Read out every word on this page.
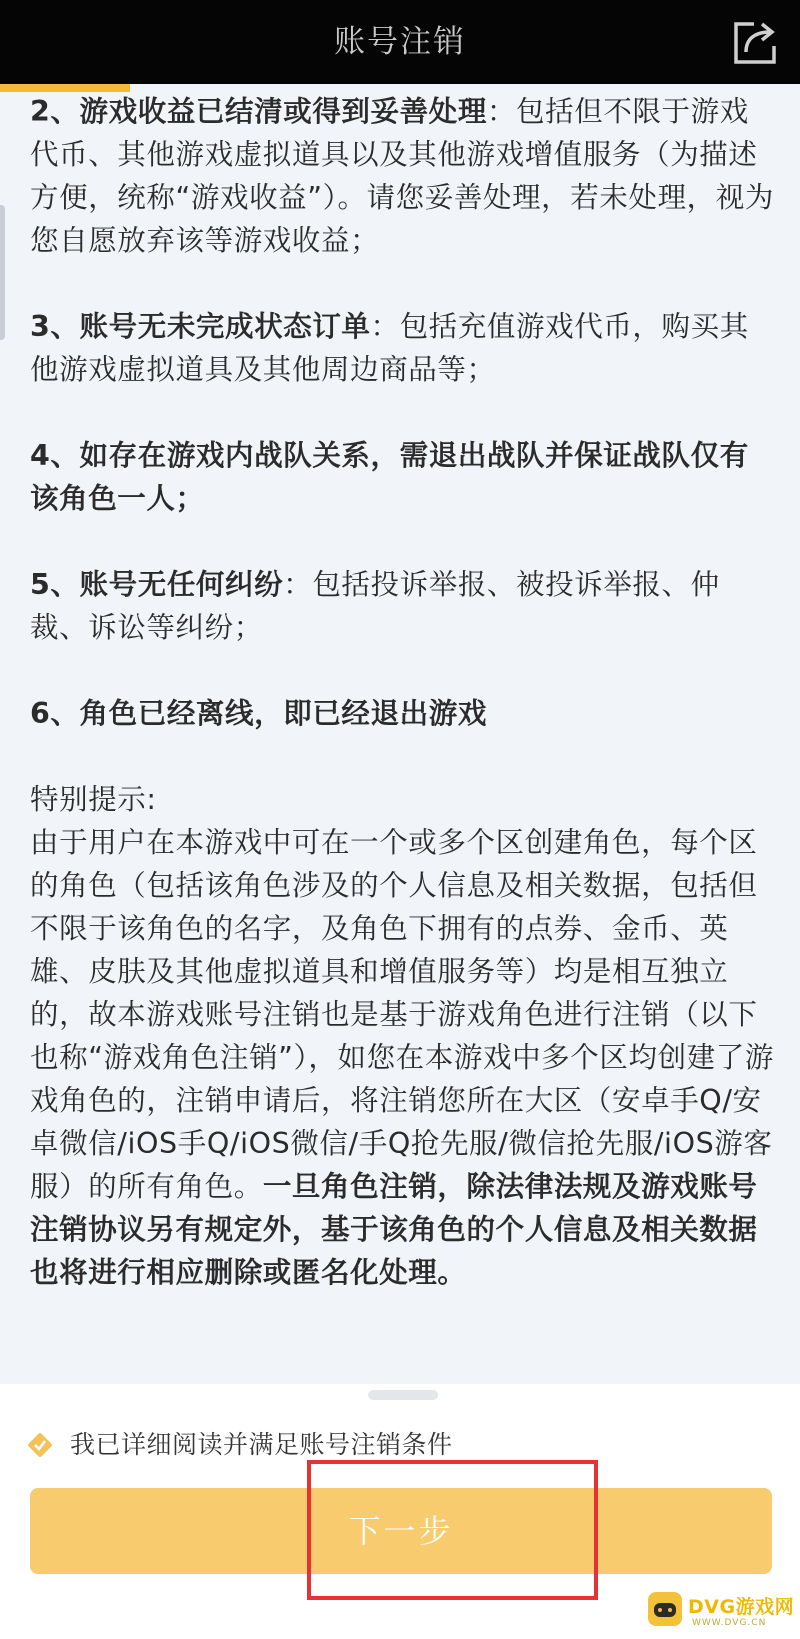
账号注销

2、游戏收益已结清或得到妥善处理：包括但不限于游戏代币、其他游戏虚拟道具以及其他游戏增值服务（为描述方便，统称“游戏收益”）。请您妥善处理，若未处理，视为您自愿放弃该等游戏收益；

3、账号无未完成状态订单：包括充值游戏代币，购买其他游戏虚拟道具及其他周边商品等；

4、如存在游戏内战队关系，需退出战队并保证战队仅有该角色一人；

5、账号无任何纠纷：包括投诉举报、被投诉举报、仲裁、诉讼等纠纷；

6、角色已经离线，即已经退出游戏

特别提示:
由于用户在本游戏中可在一个或多个区创建角色，每个区的角色（包括该角色涉及的个人信息及相关数据，包括但不限于该角色的名字，及角色下拥有的点券、金币、英雄、皮肤及其他虚拟道具和增值服务等）均是相互独立的，故本游戏账号注销也是基于游戏角色进行注销（以下也称“游戏角色注销”），如您在本游戏中多个区均创建了游戏角色的，注销申请后，将注销您所在大区（安卓手Q/安卓微信/iOS手Q/iOS微信/手Q抢先服/微信抢先服/iOS游客服）的所有角色。一旦角色注销，除法律法规及游戏账号注销协议另有规定外，基于该角色的个人信息及相关数据也将进行相应删除或匿名化处理。

我已详细阅读并满足账号注销条件
下一步
DVG游戏网
WWW.DVG.CN
